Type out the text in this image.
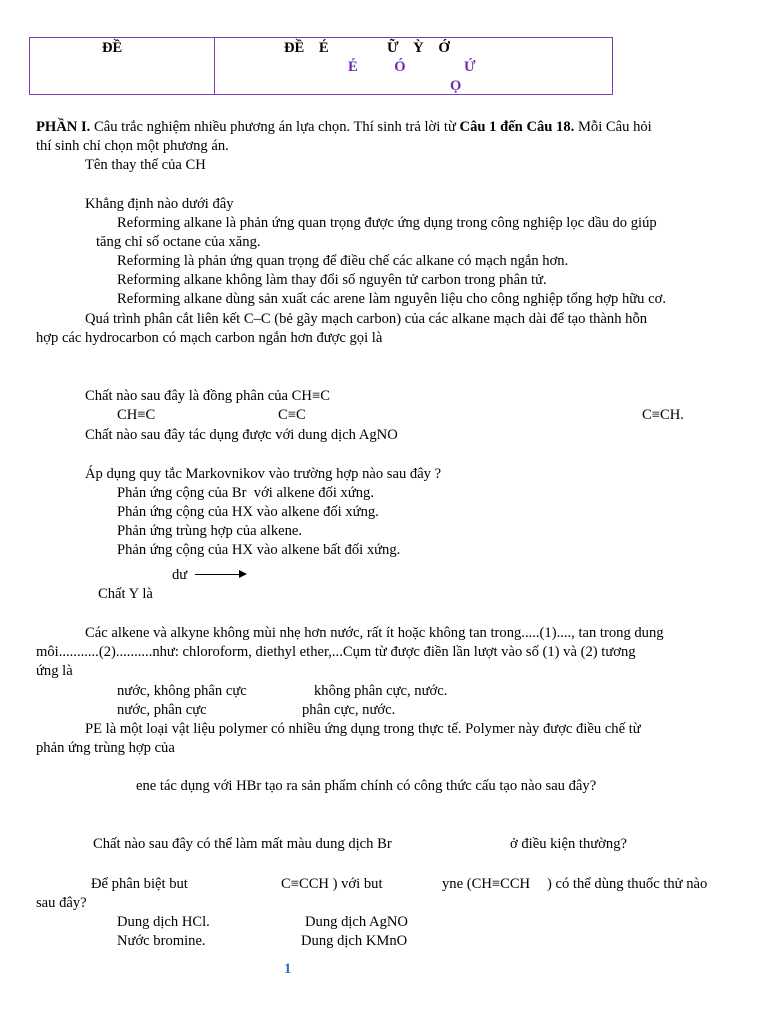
ĐỀ	ĐỀ    É                Ữ    Ỳ    Ớ
É          Ó                Ứ
Ọ
PHẦN I. Câu trắc nghiệm nhiều phương án lựa chọn. Thí sinh trả lời từ Câu 1 đến Câu 18. Mỗi Câu hỏi
thí sinh chỉ chọn một phương án.
Tên thay thế của CH
Khẳng định nào dưới đây
Reforming alkane là phản ứng quan trọng được ứng dụng trong công nghiệp lọc dầu do giúp
tăng chỉ số octane của xăng.
Reforming là phản ứng quan trọng để điều chế các alkane có mạch ngắn hơn.
Reforming alkane không làm thay đổi số nguyên tử carbon trong phân tử.
Reforming alkane dùng sản xuất các arene làm nguyên liệu cho công nghiệp tổng hợp hữu cơ.
Quá trình phân cắt liên kết C–C (bẻ gãy mạch carbon) của các alkane mạch dài để tạo thành hỗn
hợp các hydrocarbon có mạch carbon ngắn hơn được gọi là
Chất nào sau đây là đồng phân của CH≡C
CH≡C	C≡C	C≡CH.
Chất nào sau đây tác dụng được với dung dịch AgNO
Áp dụng quy tắc Markovnikov vào trường hợp nào sau đây ?
Phản ứng cộng của Br  với alkene đối xứng.
Phản ứng cộng của HX vào alkene đối xứng.
Phản ứng trùng hợp của alkene.
Phản ứng cộng của HX vào alkene bất đối xứng.
dư
Chất Y là
Các alkene và alkyne không mùi nhẹ hơn nước, rất ít hoặc không tan trong.....(1)...., tan trong dung
môi...........(2)..........như: chloroform, diethyl ether,...Cụm từ được điền lần lượt vào số (1) và (2) tương
ứng là
nước, không phân cực	không phân cực, nước.
nước, phân cực	phân cực, nước.
PE là một loại vật liệu polymer có nhiều ứng dụng trong thực tế. Polymer này được điều chế từ
phản ứng trùng hợp của
ene tác dụng với HBr tạo ra sản phẩm chính có công thức cấu tạo nào sau đây?
Chất nào sau đây có thể làm mất màu dung dịch Br	ở điều kiện thường?
Để phân biệt but	C≡CCH ) với but	yne (CH≡CCH ) có thể dùng thuốc thử nào
sau đây?
Dung dịch HCl.	Dung dịch AgNO
Nước bromine.	Dung dịch KMnO
1
